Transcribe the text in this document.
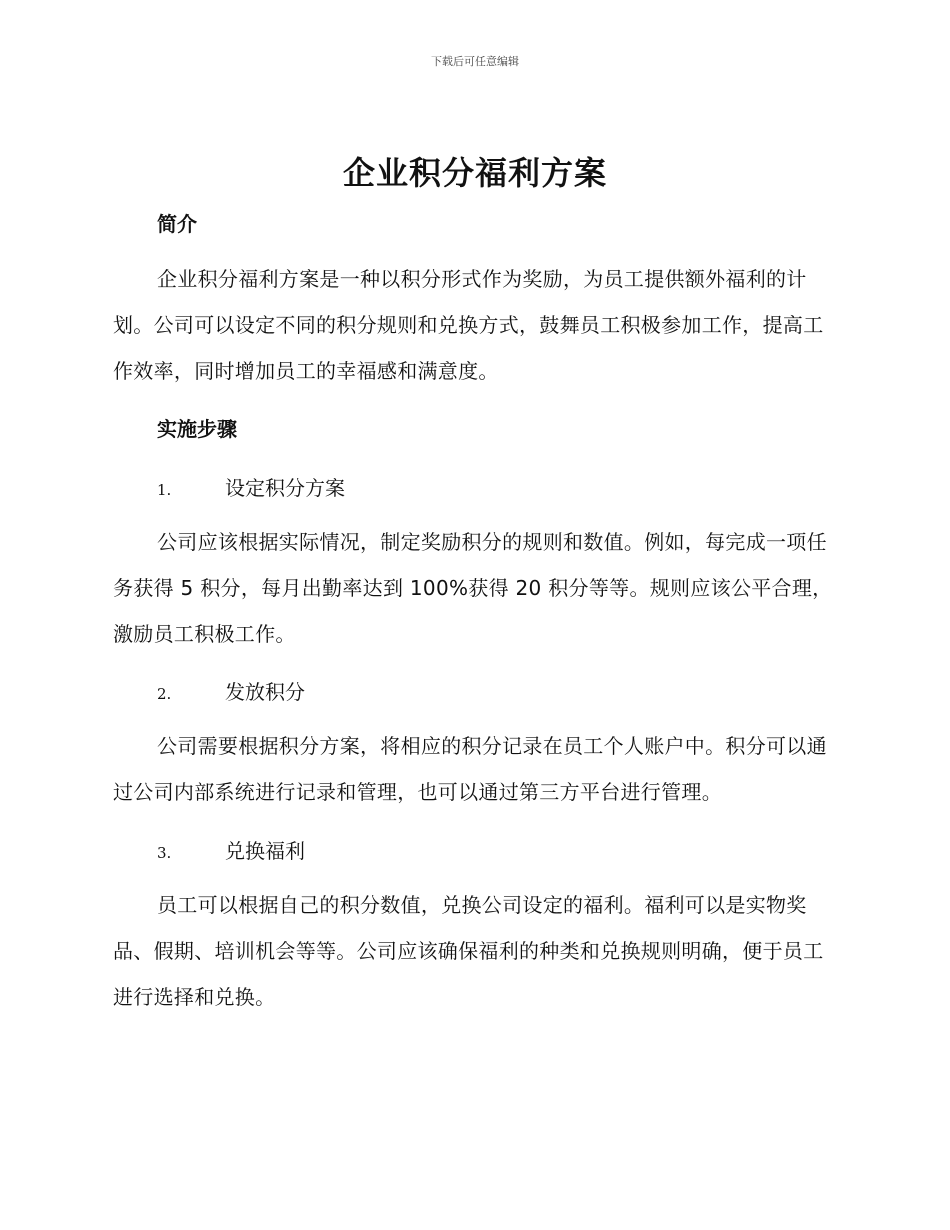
下载后可任意编辑
企业积分福利方案
简介

企业积分福利方案是一种以积分形式作为奖励，为员工提供额外福利的计划。公司可以设定不同的积分规则和兑换方式，鼓舞员工积极参加工作，提高工作效率，同时增加员工的幸福感和满意度。

实施步骤
1.	设定积分方案

公司应该根据实际情况，制定奖励积分的规则和数值。例如，每完成一项任务获得 5 积分，每月出勤率达到 100%获得 20 积分等等。规则应该公平合理，激励员工积极工作。

2.	发放积分

公司需要根据积分方案，将相应的积分记录在员工个人账户中。积分可以通过公司内部系统进行记录和管理，也可以通过第三方平台进行管理。

3.	兑换福利

员工可以根据自己的积分数值，兑换公司设定的福利。福利可以是实物奖品、假期、培训机会等等。公司应该确保福利的种类和兑换规则明确，便于员工进行选择和兑换。
